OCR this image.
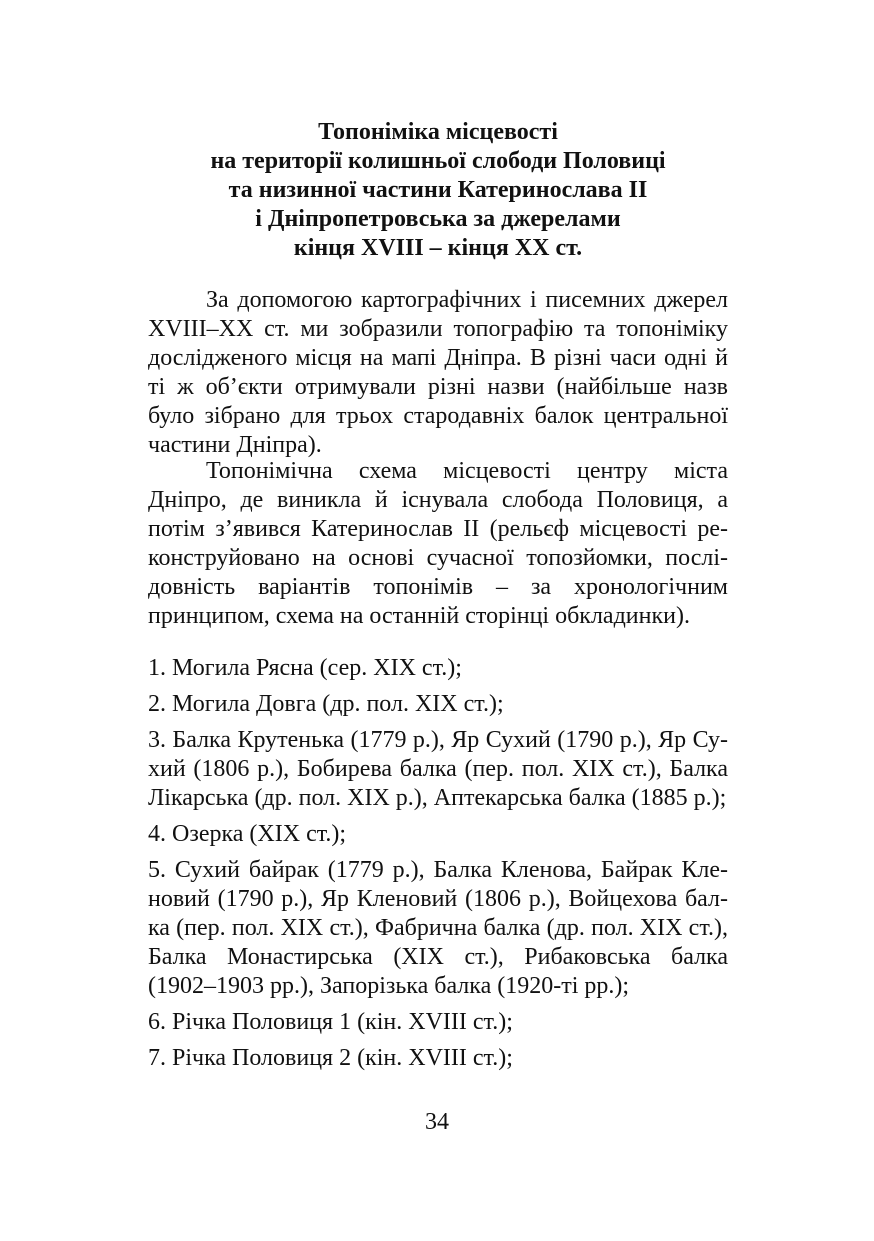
Топоніміка місцевості
на території колишньої слободи Половиці
та низинної частини Катеринослава ІІ
і Дніпропетровська за джерелами
кінця ХVІІІ – кінця ХХ ст.

За допомогою картографічних і писемних джерел XVIII–XX ст. ми зобразили топографію та топоніміку дослідженого місця на мапі Дніпра. В різні часи одні й ті ж об’єкти отримували різні назви (найбільше назв було зібрано для трьох стародавніх балок центральної частини Дніпра).

Топонімічна схема місцевості центру міста Дніпро, де виникла й існувала слобода Половиця, а потім з’явився Катеринослав ІІ (рельєф місцевості реконструйовано на основі сучасної топозйомки, послідовність варіантів топонімів – за хронологічним принципом, схема на останній сторінці обкладинки).

1. Могила Рясна (сер. ХІХ ст.);
2. Могила Довга (др. пол. ХІХ ст.);
3. Балка Крутенька (1779 р.), Яр Сухий (1790 р.), Яр Сухий (1806 р.), Бобирева балка (пер. пол. ХІХ ст.), Балка Лікарська (др. пол. ХІХ р.), Аптекарська балка (1885 р.);
4. Озерка (ХІХ ст.);
5. Сухий байрак (1779 р.), Балка Кленова, Байрак Кленовий (1790 р.), Яр Кленовий (1806 р.), Войцехова балка (пер. пол. ХІХ ст.), Фабрична балка (др. пол. ХІХ ст.), Балка Монастирська (ХІХ ст.), Рибаковська балка (1902–1903 рр.), Запорізька балка (1920-ті рр.);
6. Річка Половиця 1 (кін. ХVІІІ ст.);
7. Річка Половиця 2 (кін. ХVІІІ ст.);
34
